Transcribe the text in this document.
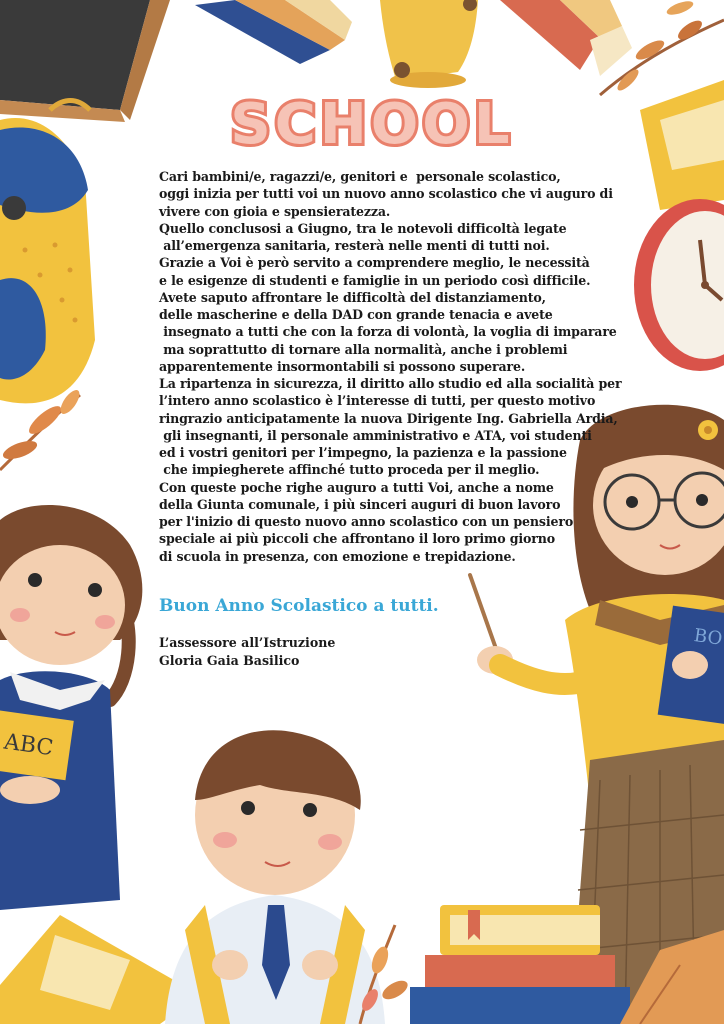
ABC
BO
SCHOOL
Cari bambini/e, ragazzi/e, genitori e  personale scolastico,
oggi inizia per tutti voi un nuovo anno scolastico che vi auguro di
vivere con gioia e spensieratezza.
Quello conclusosi a Giugno, tra le notevoli difficoltà legate
all’emergenza sanitaria, resterà nelle menti di tutti noi.
Grazie a Voi è però servito a comprendere meglio, le necessità
e le esigenze di studenti e famiglie in un periodo così difficile.
Avete saputo affrontare le difficoltà del distanziamento,
delle mascherine e della DAD con grande tenacia e avete
insegnato a tutti che con la forza di volontà, la voglia di imparare
ma soprattutto di tornare alla normalità, anche i problemi
apparentemente insormontabili si possono superare.
La ripartenza in sicurezza, il diritto allo studio ed alla socialità per
l’intero anno scolastico è l’interesse di tutti, per questo motivo
ringrazio anticipatamente la nuova Dirigente Ing. Gabriella Ardia,
gli insegnanti, il personale amministrativo e ATA, voi studenti
ed i vostri genitori per l’impegno, la pazienza e la passione
che impiegherete affinché tutto proceda per il meglio.
Con queste poche righe auguro a tutti Voi, anche a nome
della Giunta comunale, i più sinceri auguri di buon lavoro
per l'inizio di questo nuovo anno scolastico con un pensiero
speciale ai più piccoli che affrontano il loro primo giorno
di scuola in presenza, con emozione e trepidazione.
Buon Anno Scolastico a tutti.
L’assessore all’Istruzione
Gloria Gaia Basilico
